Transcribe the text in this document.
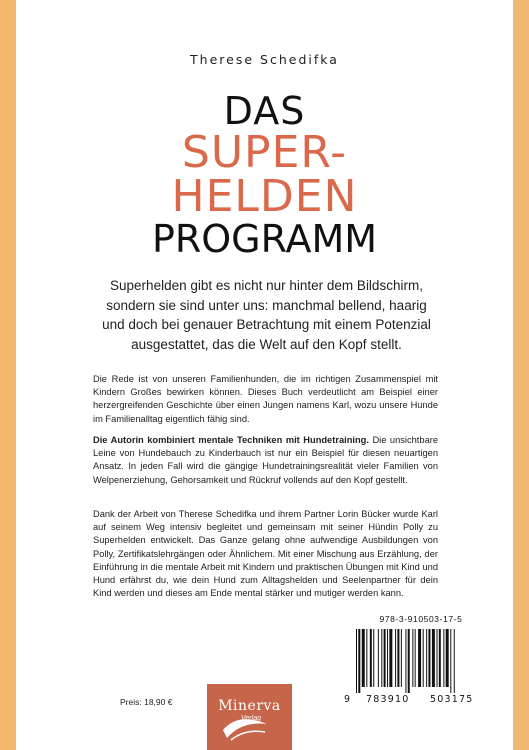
Therese Schedifka
DAS
SUPER-
HELDEN
PROGRAMM
Superhelden gibt es nicht nur hinter dem Bildschirm, sondern sie sind unter uns: manchmal bellend, haarig und doch bei genauer Betrachtung mit einem Potenzial ausgestattet, das die Welt auf den Kopf stellt.
Die Rede ist von unseren Familienhunden, die im richtigen Zusammenspiel mit Kindern Großes bewirken können. Dieses Buch verdeutlicht am Beispiel einer herzergreifenden Geschichte über einen Jungen namens Karl, wozu unsere Hunde im Familienalltag eigentlich fähig sind.
Die Autorin kombiniert mentale Techniken mit Hundetraining. Die unsichtbare Leine von Hundebauch zu Kinderbauch ist nur ein Beispiel für diesen neuartigen Ansatz. In jeden Fall wird die gängige Hundetrainingsrealität vieler Familien von Welpenerziehung, Gehorsamkeit und Rückruf vollends auf den Kopf gestellt.
Dank der Arbeit von Therese Schedifka und ihrem Partner Lorin Bücker wurde Karl auf seinem Weg intensiv begleitet und gemeinsam mit seiner Hündin Polly zu Superhelden entwickelt. Das Ganze gelang ohne aufwendige Ausbildungen von Polly, Zertifikatslehrgängen oder Ähnlichem. Mit einer Mischung aus Erzählung, der Einführung in die mentale Arbeit mit Kindern und praktischen Übungen mit Kind und Hund erfährst du, wie dein Hund zum Alltagshelden und Seelenpartner für dein Kind werden und dieses am Ende mental stärker und mutiger werden kann.
Preis: 18,90 €	Minerva
Verlag
978-3-910503-17-5
9 783910 503175
